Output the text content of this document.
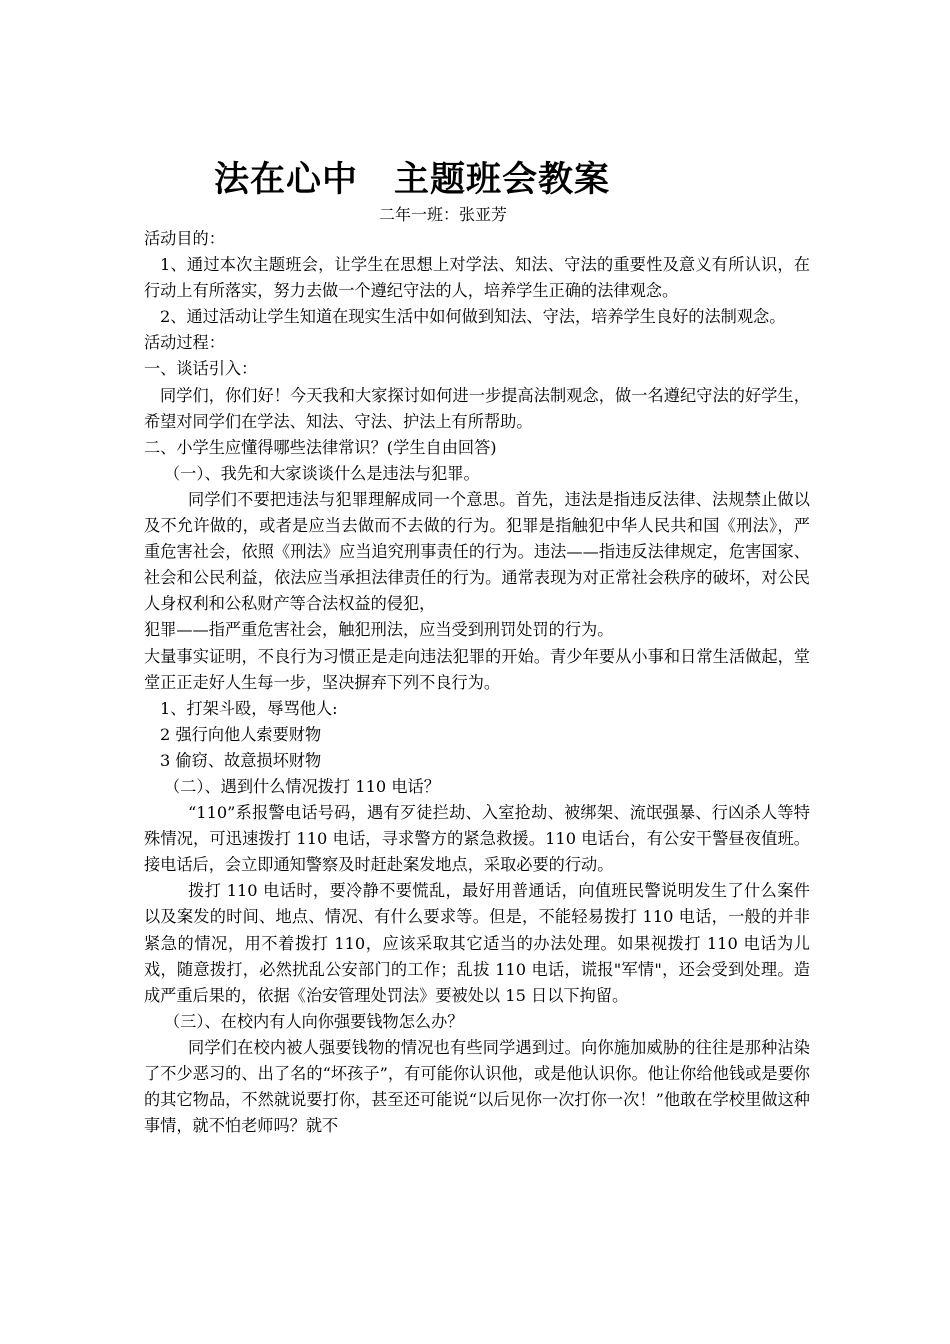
法在心中　主题班会教案
二年一班：张亚芳

活动目的：

1、通过本次主题班会，让学生在思想上对学法、知法、守法的重要性及意义有所认识，在行动上有所落实，努力去做一个遵纪守法的人，培养学生正确的法律观念。

2、通过活动让学生知道在现实生活中如何做到知法、守法，培养学生良好的法制观念。

活动过程：

一、谈话引入：

同学们，你们好！今天我和大家探讨如何进一步提高法制观念，做一名遵纪守法的好学生，希望对同学们在学法、知法、守法、护法上有所帮助。

二、小学生应懂得哪些法律常识？(学生自由回答)

（一）、我先和大家谈谈什么是违法与犯罪。

同学们不要把违法与犯罪理解成同一个意思。首先，违法是指违反法律、法规禁止做以及不允许做的，或者是应当去做而不去做的行为。犯罪是指触犯中华人民共和国《刑法》，严重危害社会，依照《刑法》应当追究刑事责任的行为。违法——指违反法律规定，危害国家、社会和公民利益，依法应当承担法律责任的行为。通常表现为对正常社会秩序的破坏，对公民人身权利和公私财产等合法权益的侵犯，

犯罪——指严重危害社会，触犯刑法，应当受到刑罚处罚的行为。

大量事实证明，不良行为习惯正是走向违法犯罪的开始。青少年要从小事和日常生活做起，堂堂正正走好人生每一步，坚决摒弃下列不良行为。

1、打架斗殴，辱骂他人:

2 强行向他人索要财物

3 偷窃、故意损坏财物

（二）、遇到什么情况拨打 110 电话？

“110”系报警电话号码，遇有歹徒拦劫、入室抢劫、被绑架、流氓强暴、行凶杀人等特殊情况，可迅速拨打 110 电话，寻求警方的紧急救援。110 电话台，有公安干警昼夜值班。接电话后，会立即通知警察及时赶赴案发地点，采取必要的行动。

拨打 110 电话时，要冷静不要慌乱，最好用普通话，向值班民警说明发生了什么案件以及案发的时间、地点、情况、有什么要求等。但是，不能轻易拨打 110 电话，一般的并非紧急的情况，用不着拨打 110，应该采取其它适当的办法处理。如果视拨打 110 电话为儿戏，随意拨打，必然扰乱公安部门的工作；乱拔 110 电话，谎报"军情"，还会受到处理。造成严重后果的，依据《治安管理处罚法》要被处以 15 日以下拘留。

（三）、在校内有人向你强要钱物怎么办？

同学们在校内被人强要钱物的情况也有些同学遇到过。向你施加威胁的往往是那种沾染了不少恶习的、出了名的“坏孩子”，有可能你认识他，或是他认识你。他让你给他钱或是要你的其它物品，不然就说要打你，甚至还可能说“以后见你一次打你一次！”他敢在学校里做这种事情，就不怕老师吗？就不
